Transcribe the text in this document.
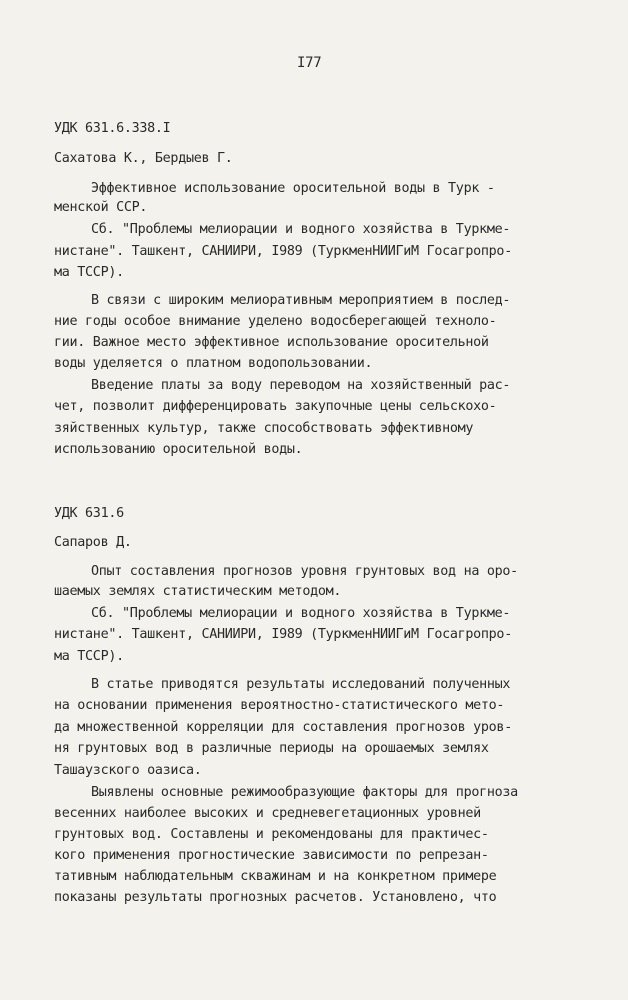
I77
УДК 631.6.338.I
Сахатова К., Бердыев Г.
Эффективное использование оросительной воды в Турк -
менской ССР.
Сб. "Проблемы мелиорации и водного хозяйства в Туркме-
нистане". Ташкент, САНИИРИ, I989 (ТуркменНИИГиМ Госагропро-
ма ТССР).
В связи с широким мелиоративным мероприятием в послед-
ние годы особое внимание уделено водосберегающей техноло-
гии. Важное место эффективное использование оросительной
воды уделяется о платном водопользовании.
Введение платы за воду переводом на хозяйственный рас-
чет, позволит дифференцировать закупочные цены сельскохо-
зяйственных культур, также способствовать эффективному
использованию оросительной воды.
УДК 631.6
Сапаров Д.
Опыт составления прогнозов уровня грунтовых вод на оро-
шаемых землях статистическим методом.
Сб. "Проблемы мелиорации и водного хозяйства в Туркме-
нистане". Ташкент, САНИИРИ, I989 (ТуркменНИИГиМ Госагропро-
ма ТССР).
В статье приводятся результаты исследований полученных
на основании применения вероятностно-статистического мето-
да множественной корреляции для составления прогнозов уров-
ня грунтовых вод в различные периоды на орошаемых землях
Ташаузского оазиса.
Выявлены основные режимообразующие факторы для прогноза
весенних наиболее высоких и средневегетационных уровней
грунтовых вод. Составлены и рекомендованы для практичес-
кого применения прогностические зависимости по репрезан-
тативным наблюдательным скважинам и на конкретном примере
показаны результаты прогнозных расчетов. Установлено, что
